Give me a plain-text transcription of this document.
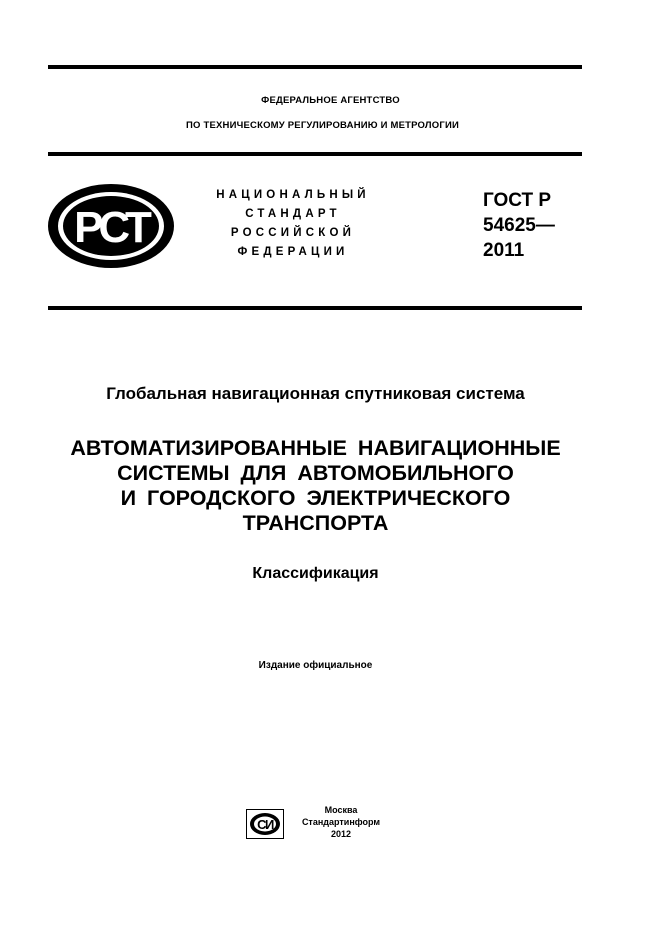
ФЕДЕРАЛЬНОЕ АГЕНТСТВО
ПО ТЕХНИЧЕСКОМУ РЕГУЛИРОВАНИЮ И МЕТРОЛОГИИ
РСТ
НАЦИОНАЛЬНЫЙ
СТАНДАРТ
РОССИЙСКОЙ
ФЕДЕРАЦИИ
ГОСТ Р
54625—
2011
Глобальная навигационная спутниковая система
АВТОМАТИЗИРОВАННЫЕ НАВИГАЦИОННЫЕ
СИСТЕМЫ ДЛЯ АВТОМОБИЛЬНОГО
И ГОРОДСКОГО ЭЛЕКТРИЧЕСКОГО
ТРАНСПОРТА
Классификация
Издание официальное
СИ
Москва
Стандартинформ
2012
